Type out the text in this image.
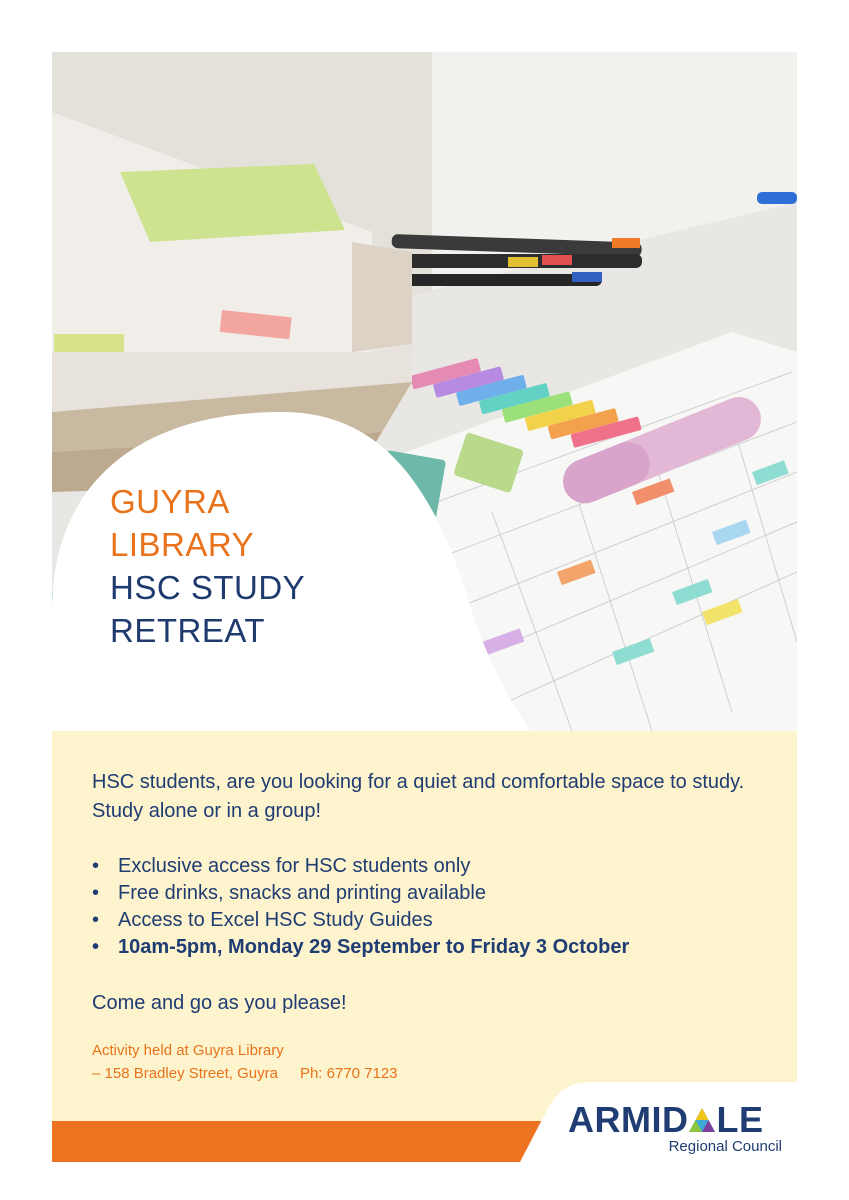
GUYRA
LIBRARY
HSC STUDY
RETREAT

HSC students, are you looking for a quiet and comfortable space to study. Study alone or in a group!

• Exclusive access for HSC students only
• Free drinks, snacks and printing available
• Access to Excel HSC Study Guides
• 10am-5pm, Monday 29 September to Friday 3 October

Come and go as you please!

Activity held at Guyra Library
– 158 Bradley Street, Guyra Ph: 6770 7123
ARMID LE
Regional Council
